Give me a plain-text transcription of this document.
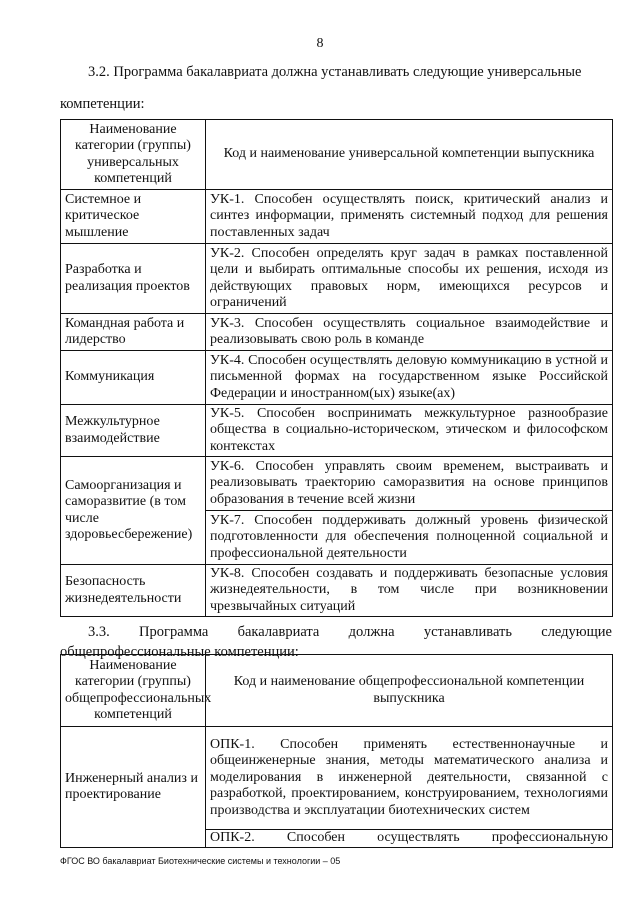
8
3.2. Программа бакалавриата должна устанавливать следующие универсальные
компетенции:
Наименование категории (группы) универсальных компетенций	Код и наименование универсальной компетенции выпускника
Системное и критическое мышление	УК-1. Способен осуществлять поиск, критический анализ и синтез информации, применять системный подход для решения поставленных задач
Разработка и реализация проектов	УК-2. Способен определять круг задач в рамках поставленной цели и выбирать оптимальные способы их решения, исходя из действующих правовых норм, имеющихся ресурсов и ограничений
Командная работа и лидерство	УК-3. Способен осуществлять социальное взаимодействие и реализовывать свою роль в команде
Коммуникация	УК-4. Способен осуществлять деловую коммуникацию в устной и письменной формах на государственном языке Российской Федерации и иностранном(ых) языке(ах)
Межкультурное взаимодействие	УК-5. Способен воспринимать межкультурное разнообразие общества в социально-историческом, этическом и философском контекстах
Самоорганизация и саморазвитие (в том числе здоровьесбережение)	УК-6. Способен управлять своим временем, выстраивать и реализовывать траекторию саморазвития на основе принципов образования в течение всей жизни
	УК-7. Способен поддерживать должный уровень физической подготовленности для обеспечения полноценной социальной и профессиональной деятельности
Безопасность жизнедеятельности	УК-8. Способен создавать и поддерживать безопасные условия жизнедеятельности, в том числе при возникновении чрезвычайных ситуаций
3.3. Программа бакалавриата должна устанавливать следующие
общепрофессиональные компетенции:
Наименование категории (группы) общепрофессиональных компетенций	Код и наименование общепрофессиональной компетенции выпускника
Инженерный анализ и проектирование	ОПК-1. Способен применять естественнонаучные и общеинженерные знания, методы математического анализа и моделирования в инженерной деятельности, связанной с разработкой, проектированием, конструированием, технологиями производства и эксплуатации биотехнических систем
	ОПК-2. Способен осуществлять профессиональную
ФГОС ВО бакалавриат Биотехнические системы и технологии – 05
